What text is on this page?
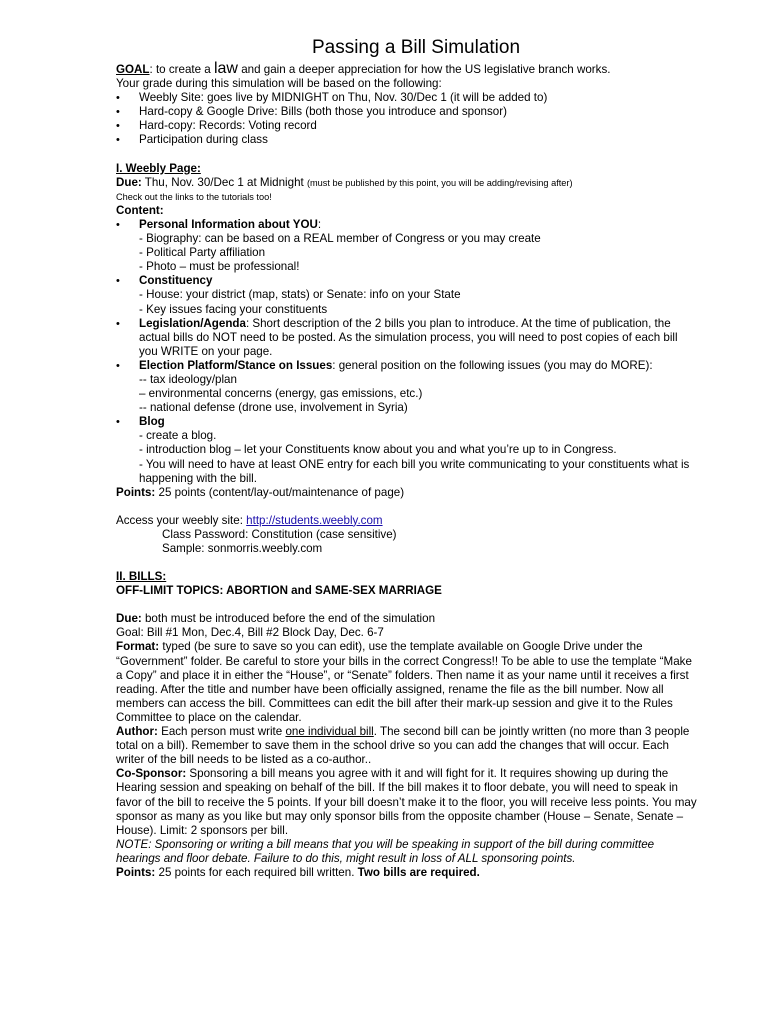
Passing a Bill Simulation

GOAL: to create a law and gain a deeper appreciation for how the US legislative branch works.

Your grade during this simulation will be based on the following:

• Weebly Site: goes live by MIDNIGHT on Thu, Nov. 30/Dec 1 (it will be added to)

• Hard-copy & Google Drive: Bills (both those you introduce and sponsor)

• Hard-copy: Records: Voting record

• Participation during class

I. Weebly Page:

Due: Thu, Nov. 30/Dec 1 at Midnight (must be published by this point, you will be adding/revising after)

Check out the links to the tutorials too!

Content:

• Personal Information about YOU:

- Biography: can be based on a REAL member of Congress or you may create

- Political Party affiliation

- Photo – must be professional!

• Constituency

- House: your district (map, stats) or Senate: info on your State

- Key issues facing your constituents

• Legislation/Agenda: Short description of the 2 bills you plan to introduce. At the time of publication, the actual bills do NOT need to be posted. As the simulation process, you will need to post copies of each bill you WRITE on your page.

• Election Platform/Stance on Issues: general position on the following issues (you may do MORE):

-- tax ideology/plan

– environmental concerns (energy, gas emissions, etc.)

-- national defense (drone use, involvement in Syria)

• Blog

- create a blog.

- introduction blog – let your Constituents know about you and what you’re up to in Congress.

- You will need to have at least ONE entry for each bill you write communicating to your constituents what is happening with the bill.

Points: 25 points (content/lay-out/maintenance of page)

Access your weebly site: http://students.weebly.com

Class Password: Constitution (case sensitive)

Sample: sonmorris.weebly.com

II. BILLS:

OFF-LIMIT TOPICS: ABORTION and SAME-SEX MARRIAGE

Due: both must be introduced before the end of the simulation

Goal: Bill #1 Mon, Dec.4, Bill #2 Block Day, Dec. 6-7

Format: typed (be sure to save so you can edit), use the template available on Google Drive under the “Government” folder. Be careful to store your bills in the correct Congress!! To be able to use the template “Make a Copy” and place it in either the “House”, or “Senate” folders. Then name it as your name until it receives a first reading. After the title and number have been officially assigned, rename the file as the bill number. Now all members can access the bill. Committees can edit the bill after their mark-up session and give it to the Rules Committee to place on the calendar.

Author: Each person must write one individual bill. The second bill can be jointly written (no more than 3 people total on a bill). Remember to save them in the school drive so you can add the changes that will occur. Each writer of the bill needs to be listed as a co-author..

Co-Sponsor: Sponsoring a bill means you agree with it and will fight for it. It requires showing up during the Hearing session and speaking on behalf of the bill. If the bill makes it to floor debate, you will need to speak in favor of the bill to receive the 5 points. If your bill doesn’t make it to the floor, you will receive less points. You may sponsor as many as you like but may only sponsor bills from the opposite chamber (House – Senate, Senate – House). Limit: 2 sponsors per bill.

NOTE: Sponsoring or writing a bill means that you will be speaking in support of the bill during committee hearings and floor debate. Failure to do this, might result in loss of ALL sponsoring points.

Points: 25 points for each required bill written. Two bills are required.
